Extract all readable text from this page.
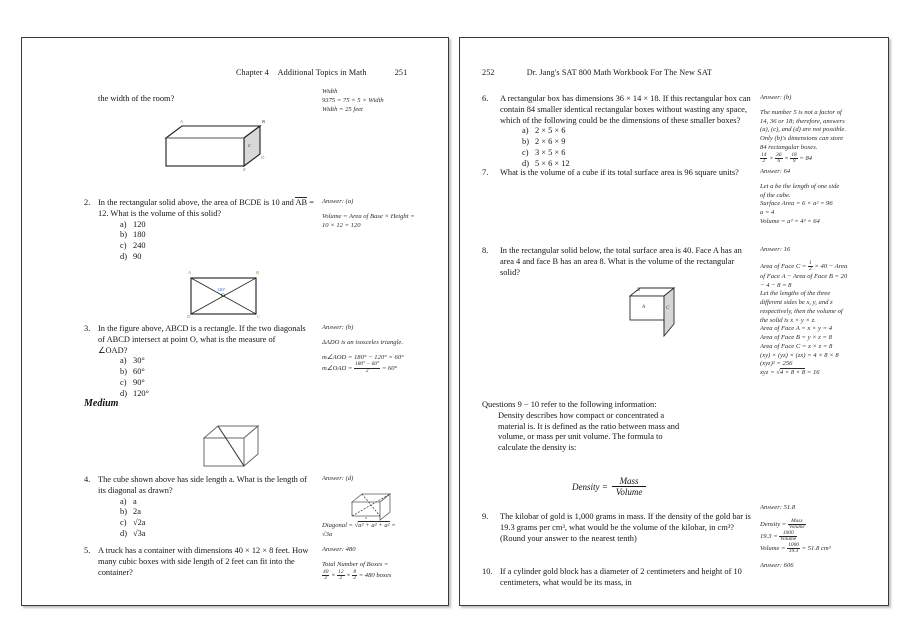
Chapter 4 Additional Topics in Math	251

the width of the room?

Width
9375 = 75 × 5 × Width
Width = 25 feet

A	B
C
D
E
2. In the rectangular solid above, the area of BCDE is 10 and AB = 12. What is the volume of this solid?

a) 120
b) 180
c) 240
d) 90

Answer: (a)

Volume = Area of Base × Height =
10 × 12 = 120

A	B
C
D
120°
O
3. In the figure above, ABCD is a rectangle. If the two diagonals of ABCD intersect at point O, what is the measure of ∠OAD?

a) 30°
b) 60°
c) 90°
d) 120°

Answer: (b)

ΔADO is an isosceles triangle.

m∠AOD = 180° − 120° = 60°
m∠OAD = $\frac{180^\circ - 60^\circ}{2} = 60^\circ$

Medium
4. The cube shown above has side length a. What is the length of its diagonal as drawn?

a) a
b) 2a
c) √2a
d) √3a

Answer: (d)

a

Diagonal = √a² + a² + a² =
√3a

5. A truck has a container with dimensions 40 × 12 × 8 feet. How many cubic boxes with side length of 2 feet can fit into the container?

Answer: 480

Total Number of Boxes =

$\frac{40}{2} \times \frac{12}{2} \times \frac{8}{2} = 480$ boxes

252	Dr. Jang's SAT 800 Math Workbook For The New SAT
6.	A rectangular box has dimensions 36 × 14 × 18. If this rectangular box can contain 84 smaller identical rectangular boxes without wasting any space, which of the following could be the dimensions of these smaller boxes?

a) 2 × 5 × 6
b) 2 × 6 × 9
c) 3 × 5 × 6
d) 5 × 6 × 12

Answer: (b)

The number 5 is not a factor of
14, 36 or 18; therefore, answers
(a), (c), and (d) are not possible.
Only (b)'s dimensions can store
84 rectangular boxes.

$\frac{14}{2} \times \frac{36}{6} \times \frac{18}{9} = 84$

7.	What is the volume of a cube if its total surface area is 96 square units?	Answer: 64

Let a be the length of one side
of the cube.
Surface Area = 6 × a² = 96
a = 4
Volume = a³ = 4³ = 64

8.	In the rectangular solid below, the total surface area is 40. Face A has an area 4 and face B has an area 8. What is the volume of the rectangular solid?

B
A	C

Answer: 16

Area of Face $C = \frac{1}{2} \times 40$ − Area
of Face A − Area of Face B = 20
− 4 − 8 = 8
Let the lengths of the three
different sides be x, y, and z
respectively, then the volume of
the solid is x × y × z.
Area of Face A = x × y = 4
Area of Face B = y × z = 8
Area of Face C = x × z = 8
(xy) × (yz) × (zx) = 4 × 8 × 8
(xyz)² = 256
xyz = √4 × 8 × 8 = 16

Questions 9 − 10 refer to the following information:

Density describes how compact or concentrated a

material is. It is defined as the ratio between mass and

volume, or mass per unit volume. The formula to

calculate the density is:

Density =
Mass
Volume
9.	The kilobar of gold is 1,000 grams in mass. If the density of the gold bar is 19.3 grams per cm³, what would be the volume of the kilobar, in cm³? (Round your answer to the nearest tenth)

Answer: 51.8

Density = $\frac{\text{Mass}}{\text{Volume}}$

$19.3 = \frac{1000}{\text{Volume}}$

Volume = $\frac{1000}{19.3} = 51.8$ cm³

10. If a cylinder gold block has a diameter of 2 centimeters and height of 10 centimeters, what would be its mass, in

Answer: 606
